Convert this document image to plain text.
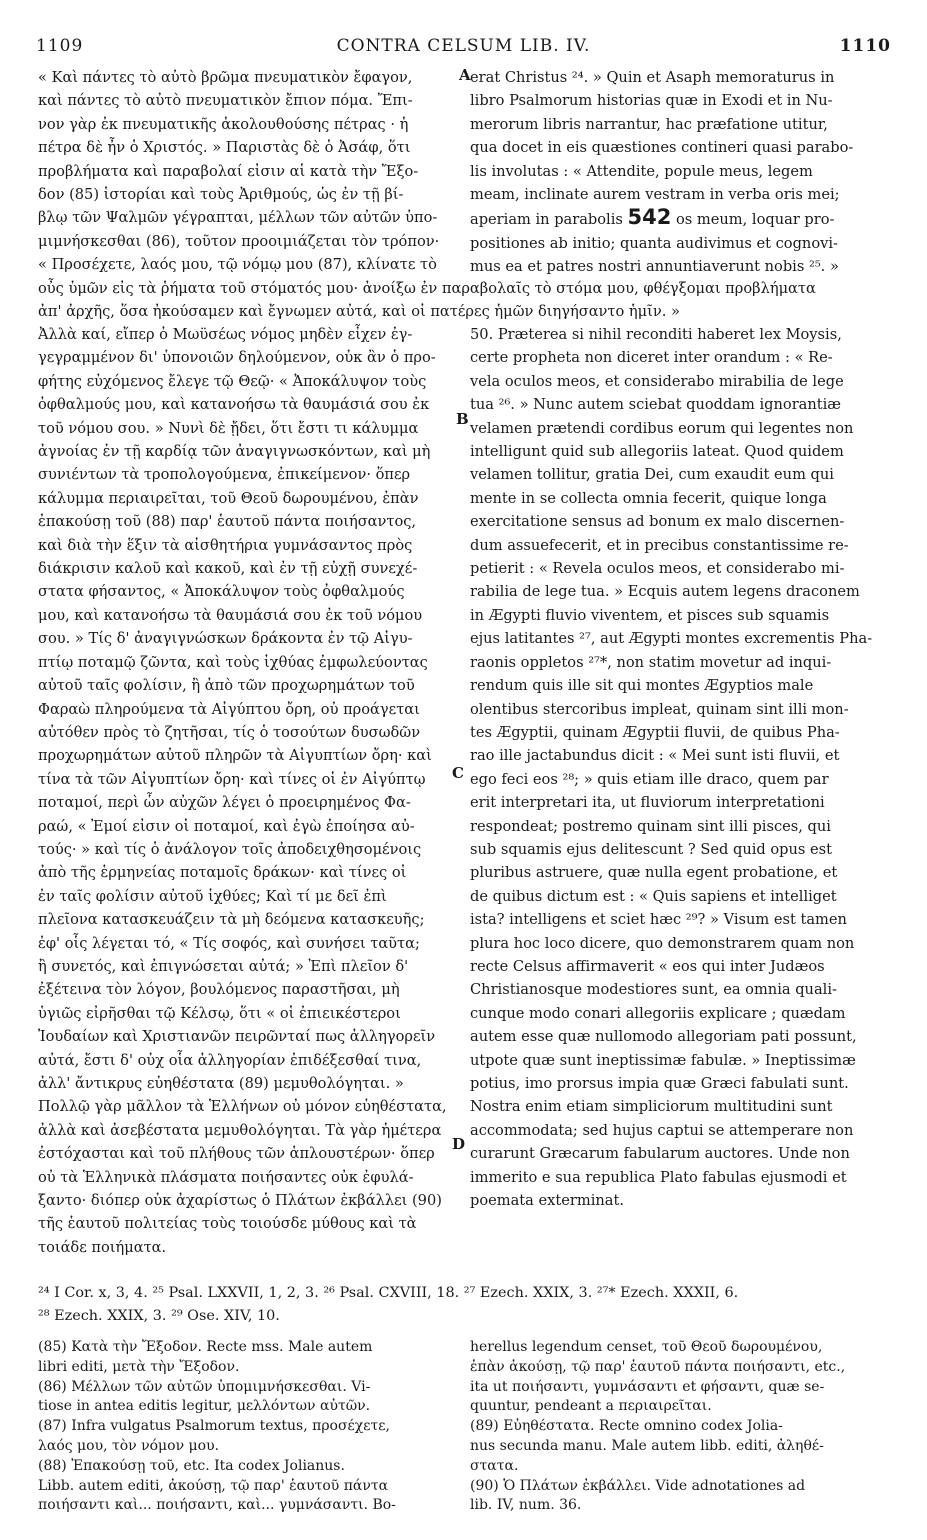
1109	CONTRA CELSUM LIB. IV.	1110

« Καὶ πάντες τὸ αὐτὸ βρῶμα πνευματικὸν ἔφαγον,

καὶ πάντες τὸ αὐτὸ πνευματικὸν ἔπιον πόμα. Ἔπι-

νον γὰρ ἐκ πνευματικῆς ἀκολουθούσης πέτρας · ἡ

πέτρα δὲ ἦν ὁ Χριστός. » Παριστὰς δὲ ὁ Ἀσάφ, ὅτι

προβλήματα καὶ παραβολαί εἰσιν αἱ κατὰ τὴν Ἔξο-

δον (85) ἱστορίαι καὶ τοὺς Ἀριθμούς, ὡς ἐν τῇ βί-

βλῳ τῶν Ψαλμῶν γέγραπται, μέλλων τῶν αὐτῶν ὑπο-

μιμνήσκεσθαι (86), τοῦτον προοιμιάζεται τὸν τρόπον·

« Προσέχετε, λαός μου, τῷ νόμῳ μου (87), κλίνατε τὸ

A erat Christus ²⁴. » Quin et Asaph memoraturus in

libro Psalmorum historias quæ in Exodi et in Nu-

merorum libris narrantur, hac præfatione utitur,

qua docet in eis quæstiones contineri quasi parabo-

lis involutas : « Attendite, popule meus, legem

meam, inclinate aurem vestram in verba oris mei;

aperiam in parabolis 542 os meum, loquar pro-

positiones ab initio; quanta audivimus et cognovi-

mus ea et patres nostri annuntiaverunt nobis ²⁵. »

οὖς ὑμῶν εἰς τὰ ῥήματα τοῦ στόματός μου· ἀνοίξω ἐν παραβολαῖς τὸ στόμα μου, φθέγξομαι προβλήματα

ἀπ' ἀρχῆς, ὅσα ἠκούσαμεν καὶ ἔγνωμεν αὐτά, καὶ οἱ πατέρες ἡμῶν διηγήσαντο ἡμῖν. »

Ἀλλὰ καί, εἴπερ ὁ Μωϋσέως νόμος μηδὲν εἶχεν ἐγ-

γεγραμμένον δι' ὑπονοιῶν δηλούμενον, οὐκ ἂν ὁ προ-

φήτης εὐχόμενος ἔλεγε τῷ Θεῷ· « Ἀποκάλυψον τοὺς

ὀφθαλμούς μου, καὶ κατανοήσω τὰ θαυμάσιά σου ἐκ

τοῦ νόμου σου. » Νυνὶ δὲ ᾔδει, ὅτι ἔστι τι κάλυμμα

ἀγνοίας ἐν τῇ καρδίᾳ τῶν ἀναγιγνωσκόντων, καὶ μὴ

συνιέντων τὰ τροπολογούμενα, ἐπικείμενον· ὅπερ

κάλυμμα περιαιρεῖται, τοῦ Θεοῦ δωρουμένου, ἐπὰν

ἐπακούσῃ τοῦ (88) παρ' ἑαυτοῦ πάντα ποιήσαντος,

καὶ διὰ τὴν ἕξιν τὰ αἰσθητήρια γυμνάσαντος πρὸς

διάκρισιν καλοῦ καὶ κακοῦ, καὶ ἐν τῇ εὐχῇ συνεχέ-

στατα φήσαντος, « Ἀποκάλυψον τοὺς ὀφθαλμούς

μου, καὶ κατανοήσω τὰ θαυμάσιά σου ἐκ τοῦ νόμου

σου. » Τίς δ' ἀναγιγνώσκων δράκοντα ἐν τῷ Αἰγυ-

πτίῳ ποταμῷ ζῶντα, καὶ τοὺς ἰχθύας ἐμφωλεύοντας

αὐτοῦ ταῖς φολίσιν, ἢ ἀπὸ τῶν προχωρημάτων τοῦ

Φαραὼ πληρούμενα τὰ Αἰγύπτου ὄρη, οὐ προάγεται

αὐτόθεν πρὸς τὸ ζητῆσαι, τίς ὁ τοσούτων δυσωδῶν

προχωρημάτων αὐτοῦ πληρῶν τὰ Αἰγυπτίων ὄρη· καὶ

τίνα τὰ τῶν Αἰγυπτίων ὄρη· καὶ τίνες οἱ ἐν Αἰγύπτῳ

ποταμοί, περὶ ὧν αὐχῶν λέγει ὁ προειρημένος Φα-

ραώ, « Ἐμοί εἰσιν οἱ ποταμοί, καὶ ἐγὼ ἐποίησα αὐ-

τούς· » καὶ τίς ὁ ἀνάλογον τοῖς ἀποδειχθησομένοις

ἀπὸ τῆς ἑρμηνείας ποταμοῖς δράκων· καὶ τίνες οἱ

ἐν ταῖς φολίσιν αὐτοῦ ἰχθύες; Καὶ τί με δεῖ ἐπὶ

πλεῖονα κατασκευάζειν τὰ μὴ δεόμενα κατασκευῆς;

ἐφ' οἷς λέγεται τό, « Τίς σοφός, καὶ συνήσει ταῦτα;

ἢ συνετός, καὶ ἐπιγνώσεται αὐτά; » Ἐπὶ πλεῖον δ'

ἐξέτεινα τὸν λόγον, βουλόμενος παραστῆσαι, μὴ

ὑγιῶς εἰρῆσθαι τῷ Κέλσῳ, ὅτι « οἱ ἐπιεικέστεροι

Ἰουδαίων καὶ Χριστιανῶν πειρῶνταί πως ἀλληγορεῖν

αὐτά, ἔστι δ' οὐχ οἷα ἀλληγορίαν ἐπιδέξεσθαί τινα,

ἀλλ' ἄντικρυς εὐηθέστατα (89) μεμυθολόγηται. »

Πολλῷ γὰρ μᾶλλον τὰ Ἑλλήνων οὐ μόνον εὐηθέστατα,

ἀλλὰ καὶ ἀσεβέστατα μεμυθολόγηται. Τὰ γὰρ ἡμέτερα

ἐστόχασται καὶ τοῦ πλήθους τῶν ἁπλουστέρων· ὅπερ

οὐ τὰ Ἑλληνικὰ πλάσματα ποιήσαντες οὐκ ἐφυλά-

ξαντο· διόπερ οὐκ ἀχαρίστως ὁ Πλάτων ἐκβάλλει (90)

τῆς ἑαυτοῦ πολιτείας τοὺς τοιούσδε μύθους καὶ τὰ

τοιάδε ποιήματα.

B
C
D

50. Præterea si nihil reconditi haberet lex Moysis,

certe propheta non diceret inter orandum : « Re-

vela oculos meos, et considerabo mirabilia de lege

tua ²⁶. » Nunc autem sciebat quoddam ignorantiæ

velamen prætendi cordibus eorum qui legentes non

intelligunt quid sub allegoriis lateat. Quod quidem

velamen tollitur, gratia Dei, cum exaudit eum qui

mente in se collecta omnia fecerit, quique longa

exercitatione sensus ad bonum ex malo discernen-

dum assuefecerit, et in precibus constantissime re-

petierit : « Revela oculos meos, et considerabo mi-

rabilia de lege tua. » Ecquis autem legens draconem

in Ægypti fluvio viventem, et pisces sub squamis

ejus latitantes ²⁷, aut Ægypti montes excrementis Pha-

raonis oppletos ²⁷*, non statim movetur ad inqui-

rendum quis ille sit qui montes Ægyptios male

olentibus stercoribus impleat, quinam sint illi mon-

tes Ægyptii, quinam Ægyptii fluvii, de quibus Pha-

rao ille jactabundus dicit : « Mei sunt isti fluvii, et

ego feci eos ²⁸; » quis etiam ille draco, quem par

erit interpretari ita, ut fluviorum interpretationi

respondeat; postremo quinam sint illi pisces, qui

sub squamis ejus delitescunt ? Sed quid opus est

pluribus astruere, quæ nulla egent probatione, et

de quibus dictum est : « Quis sapiens et intelliget

ista? intelligens et sciet hæc ²⁹? » Visum est tamen

plura hoc loco dicere, quo demonstrarem quam non

recte Celsus affirmaverit « eos qui inter Judæos

Christianosque modestiores sunt, ea omnia quali-

cunque modo conari allegoriis explicare ; quædam

autem esse quæ nullomodo allegoriam pati possunt,

utpote quæ sunt ineptissimæ fabulæ. » Ineptissimæ

potius, imo prorsus impia quæ Græci fabulati sunt.

Nostra enim etiam simpliciorum multitudini sunt

accommodata; sed hujus captui se attemperare non

curarunt Græcarum fabularum auctores. Unde non

immerito e sua republica Plato fabulas ejusmodi et

poemata exterminat.

²⁴ I Cor. x, 3, 4. ²⁵ Psal. LXXVII, 1, 2, 3. ²⁶ Psal. CXVIII, 18. ²⁷ Ezech. XXIX, 3. ²⁷* Ezech. XXXII, 6.
²⁸ Ezech. XXIX, 3. ²⁹ Ose. XIV, 10.

(85) Κατὰ τὴν Ἔξοδον. Recte mss. Male autem

libri editi, μετὰ τὴν Ἔξοδον.

(86) Μέλλων τῶν αὐτῶν ὑπομιμνήσκεσθαι. Vi-

tiose in antea editis legitur, μελλόντων αὐτῶν.

(87) Infra vulgatus Psalmorum textus, προσέχετε,

λαός μου, τὸν νόμον μου.

(88) Ἐπακούσῃ τοῦ, etc. Ita codex Jolianus.

Libb. autem editi, ἀκούσῃ, τῷ παρ' ἑαυτοῦ πάντα

ποιήσαντι καὶ... ποιήσαντι, καὶ... γυμνάσαντι. Bo-

herellus legendum censet, τοῦ Θεοῦ δωρουμένου,

ἐπὰν ἀκούσῃ, τῷ παρ' ἑαυτοῦ πάντα ποιήσαντι, etc.,

ita ut ποιήσαντι, γυμνάσαντι et φήσαντι, quæ se-

quuntur, pendeant a περιαιρεῖται.

(89) Εὐηθέστατα. Recte omnino codex Jolia-

nus secunda manu. Male autem libb. editi, ἀληθέ-

στατα.

(90) Ὁ Πλάτων ἐκβάλλει. Vide adnotationes ad

lib. IV, num. 36.
